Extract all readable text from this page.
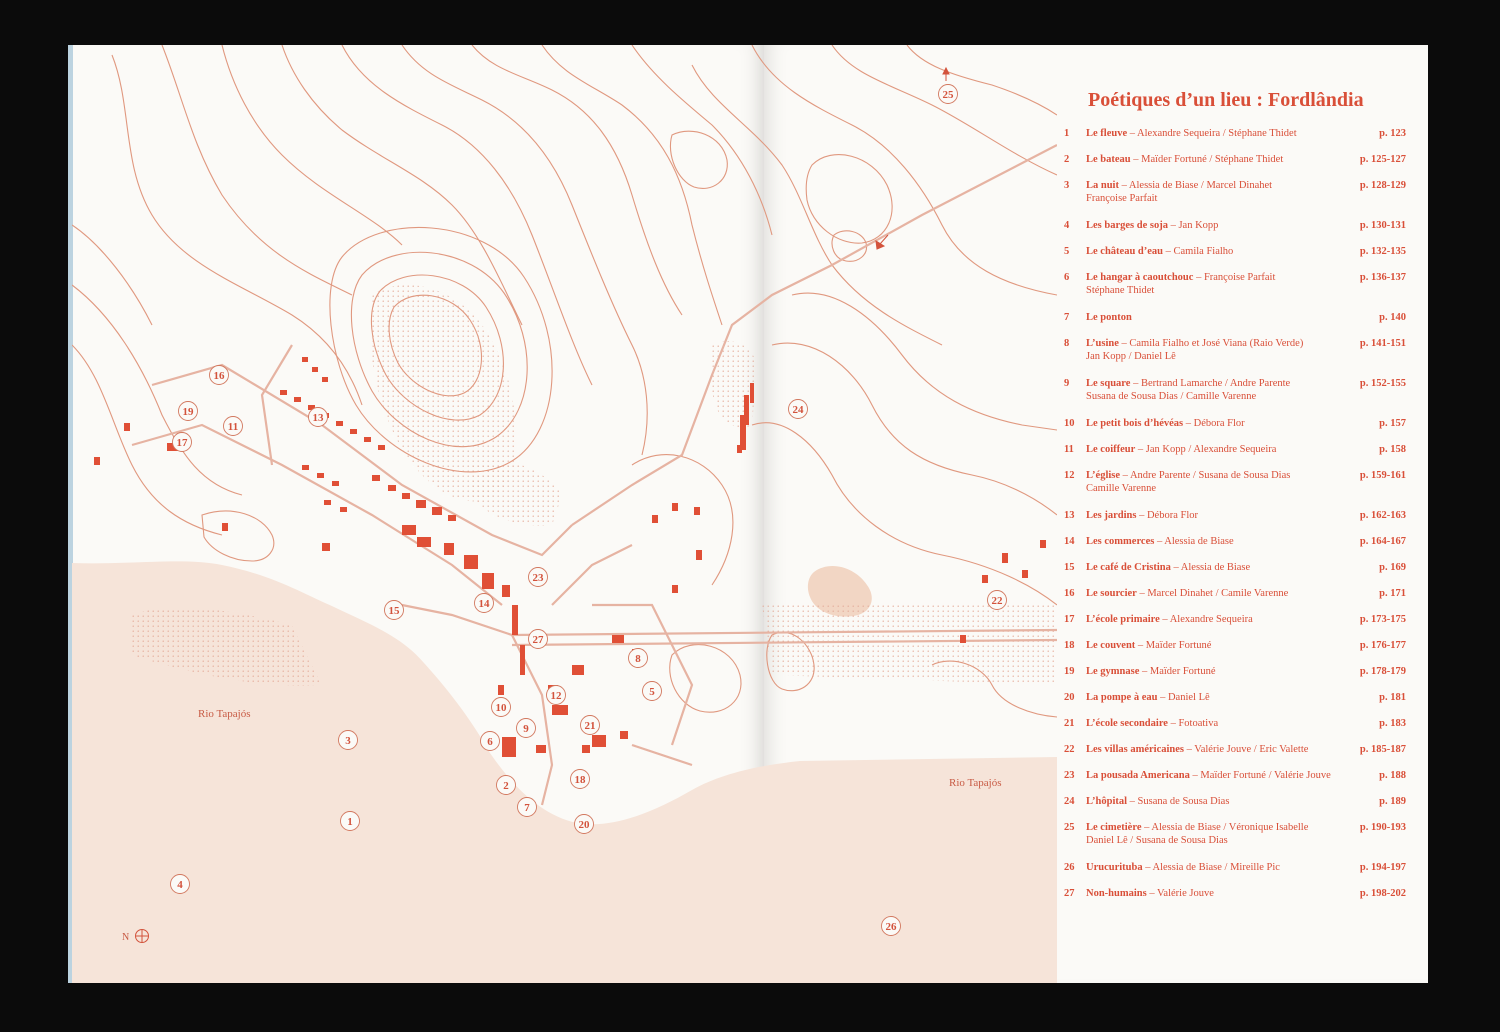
N
Rio Tapajós
Rio Tapajós
1
2
3
4
5
6
7
8
9
10
11
12
13
14
15
16
17
18
19
20
21
22
23
24
25
26
27
Poétiques d’un lieu : Fordlândia
1	Le fleuve – Alexandre Sequeira / Stéphane Thidet	p. 123
2	Le bateau – Maïder Fortuné / Stéphane Thidet	p. 125-127
3	La nuit – Alessia de Biase / Marcel Dinahet
Françoise Parfait
p. 128-129
4	Les barges de soja – Jan Kopp	p. 130-131
5	Le château d’eau – Camila Fialho	p. 132-135
6	Le hangar à caoutchouc – Françoise Parfait
Stéphane Thidet
p. 136-137
7	Le ponton	p. 140
8	L’usine – Camila Fialho et José Viana (Raio Verde)
Jan Kopp / Daniel Lê
p. 141-151
9	Le square – Bertrand Lamarche / Andre Parente
Susana de Sousa Dias / Camille Varenne
p. 152-155
10	Le petit bois d’hévéas – Débora Flor	p. 157
11	Le coiffeur – Jan Kopp / Alexandre Sequeira	p. 158
12	L’église – Andre Parente / Susana de Sousa Dias
Camille Varenne
p. 159-161
13	Les jardins – Débora Flor	p. 162-163
14	Les commerces – Alessia de Biase	p. 164-167
15	Le café de Cristina – Alessia de Biase	p. 169
16	Le sourcier – Marcel Dinahet / Camile Varenne	p. 171
17	L’école primaire – Alexandre Sequeira	p. 173-175
18	Le couvent – Maïder Fortuné	p. 176-177
19	Le gymnase – Maïder Fortuné	p. 178-179
20	La pompe à eau – Daniel Lê	p. 181
21	L’école secondaire – Fotoativa	p. 183
22	Les villas américaines – Valérie Jouve / Eric Valette	p. 185-187
23	La pousada Americana – Maïder Fortuné / Valérie Jouve	p. 188
24	L’hôpital – Susana de Sousa Dias	p. 189
25	Le cimetière – Alessia de Biase / Véronique Isabelle
Daniel Lê / Susana de Sousa Dias
p. 190-193
26	Urucurituba – Alessia de Biase / Mireille Pic	p. 194-197
27	Non-humains – Valérie Jouve	p. 198-202
